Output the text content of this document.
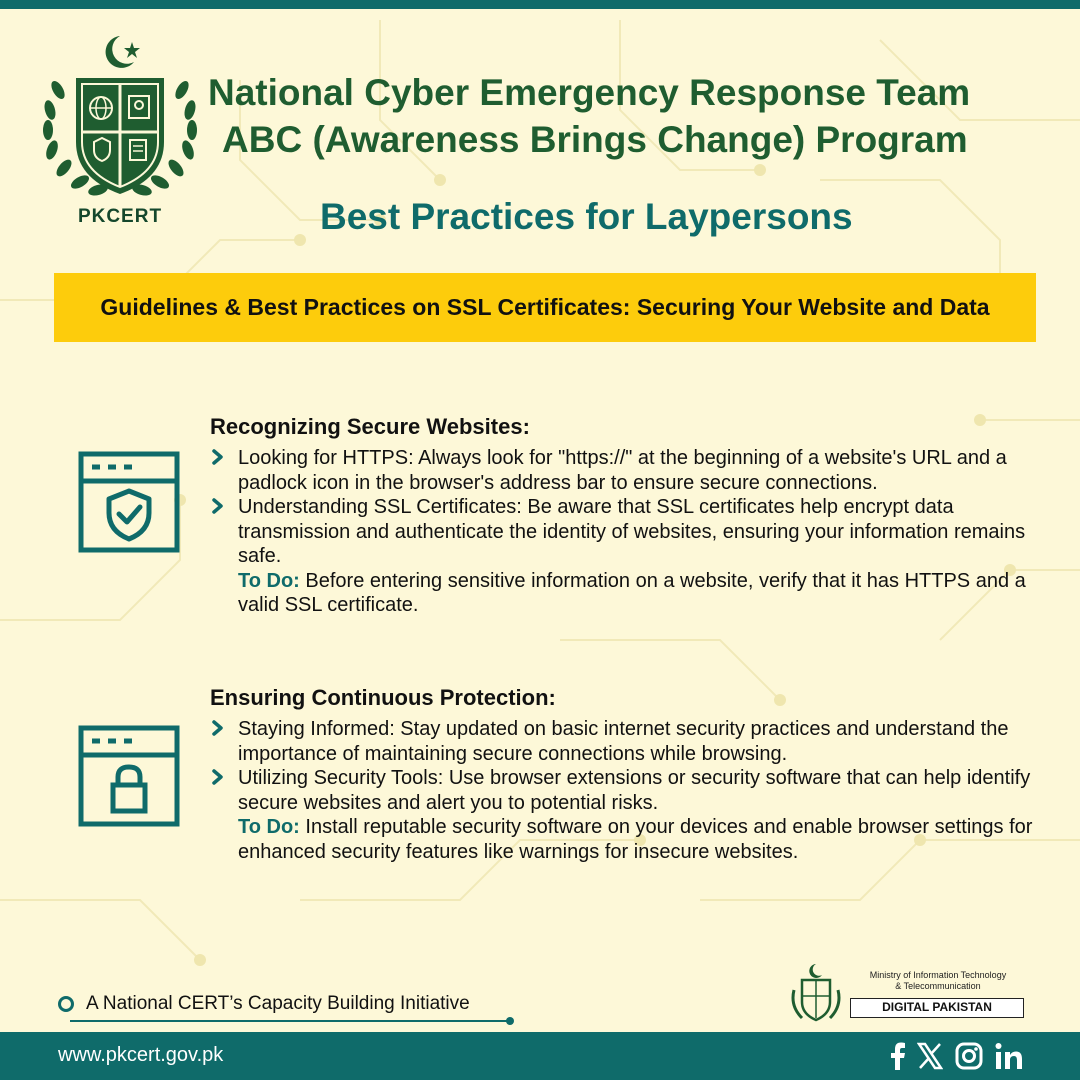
PKCERT
National Cyber Emergency Response Team
ABC (Awareness Brings Change) Program
Best Practices for Laypersons
Guidelines & Best Practices on SSL Certificates: Securing Your Website and Data
Recognizing Secure Websites:
Looking for HTTPS: Always look for "https://" at the beginning of a website's URL and a padlock icon in the browser's address bar to ensure secure connections.
Understanding SSL Certificates: Be aware that SSL certificates help encrypt data transmission and authenticate the identity of websites, ensuring your information remains safe.
To Do: Before entering sensitive information on a website, verify that it has HTTPS and a valid SSL certificate.
Ensuring Continuous Protection:
Staying Informed: Stay updated on basic internet security practices and understand the importance of maintaining secure connections while browsing.
Utilizing Security Tools: Use browser extensions or security software that can help identify secure websites and alert you to potential risks.
To Do: Install reputable security software on your devices and enable browser settings for enhanced security features like warnings for insecure websites.
A National CERT’s Capacity Building Initiative
Ministry of Information Technology
& Telecommunication
DIGITAL PAKISTAN
www.pkcert.gov.pk
